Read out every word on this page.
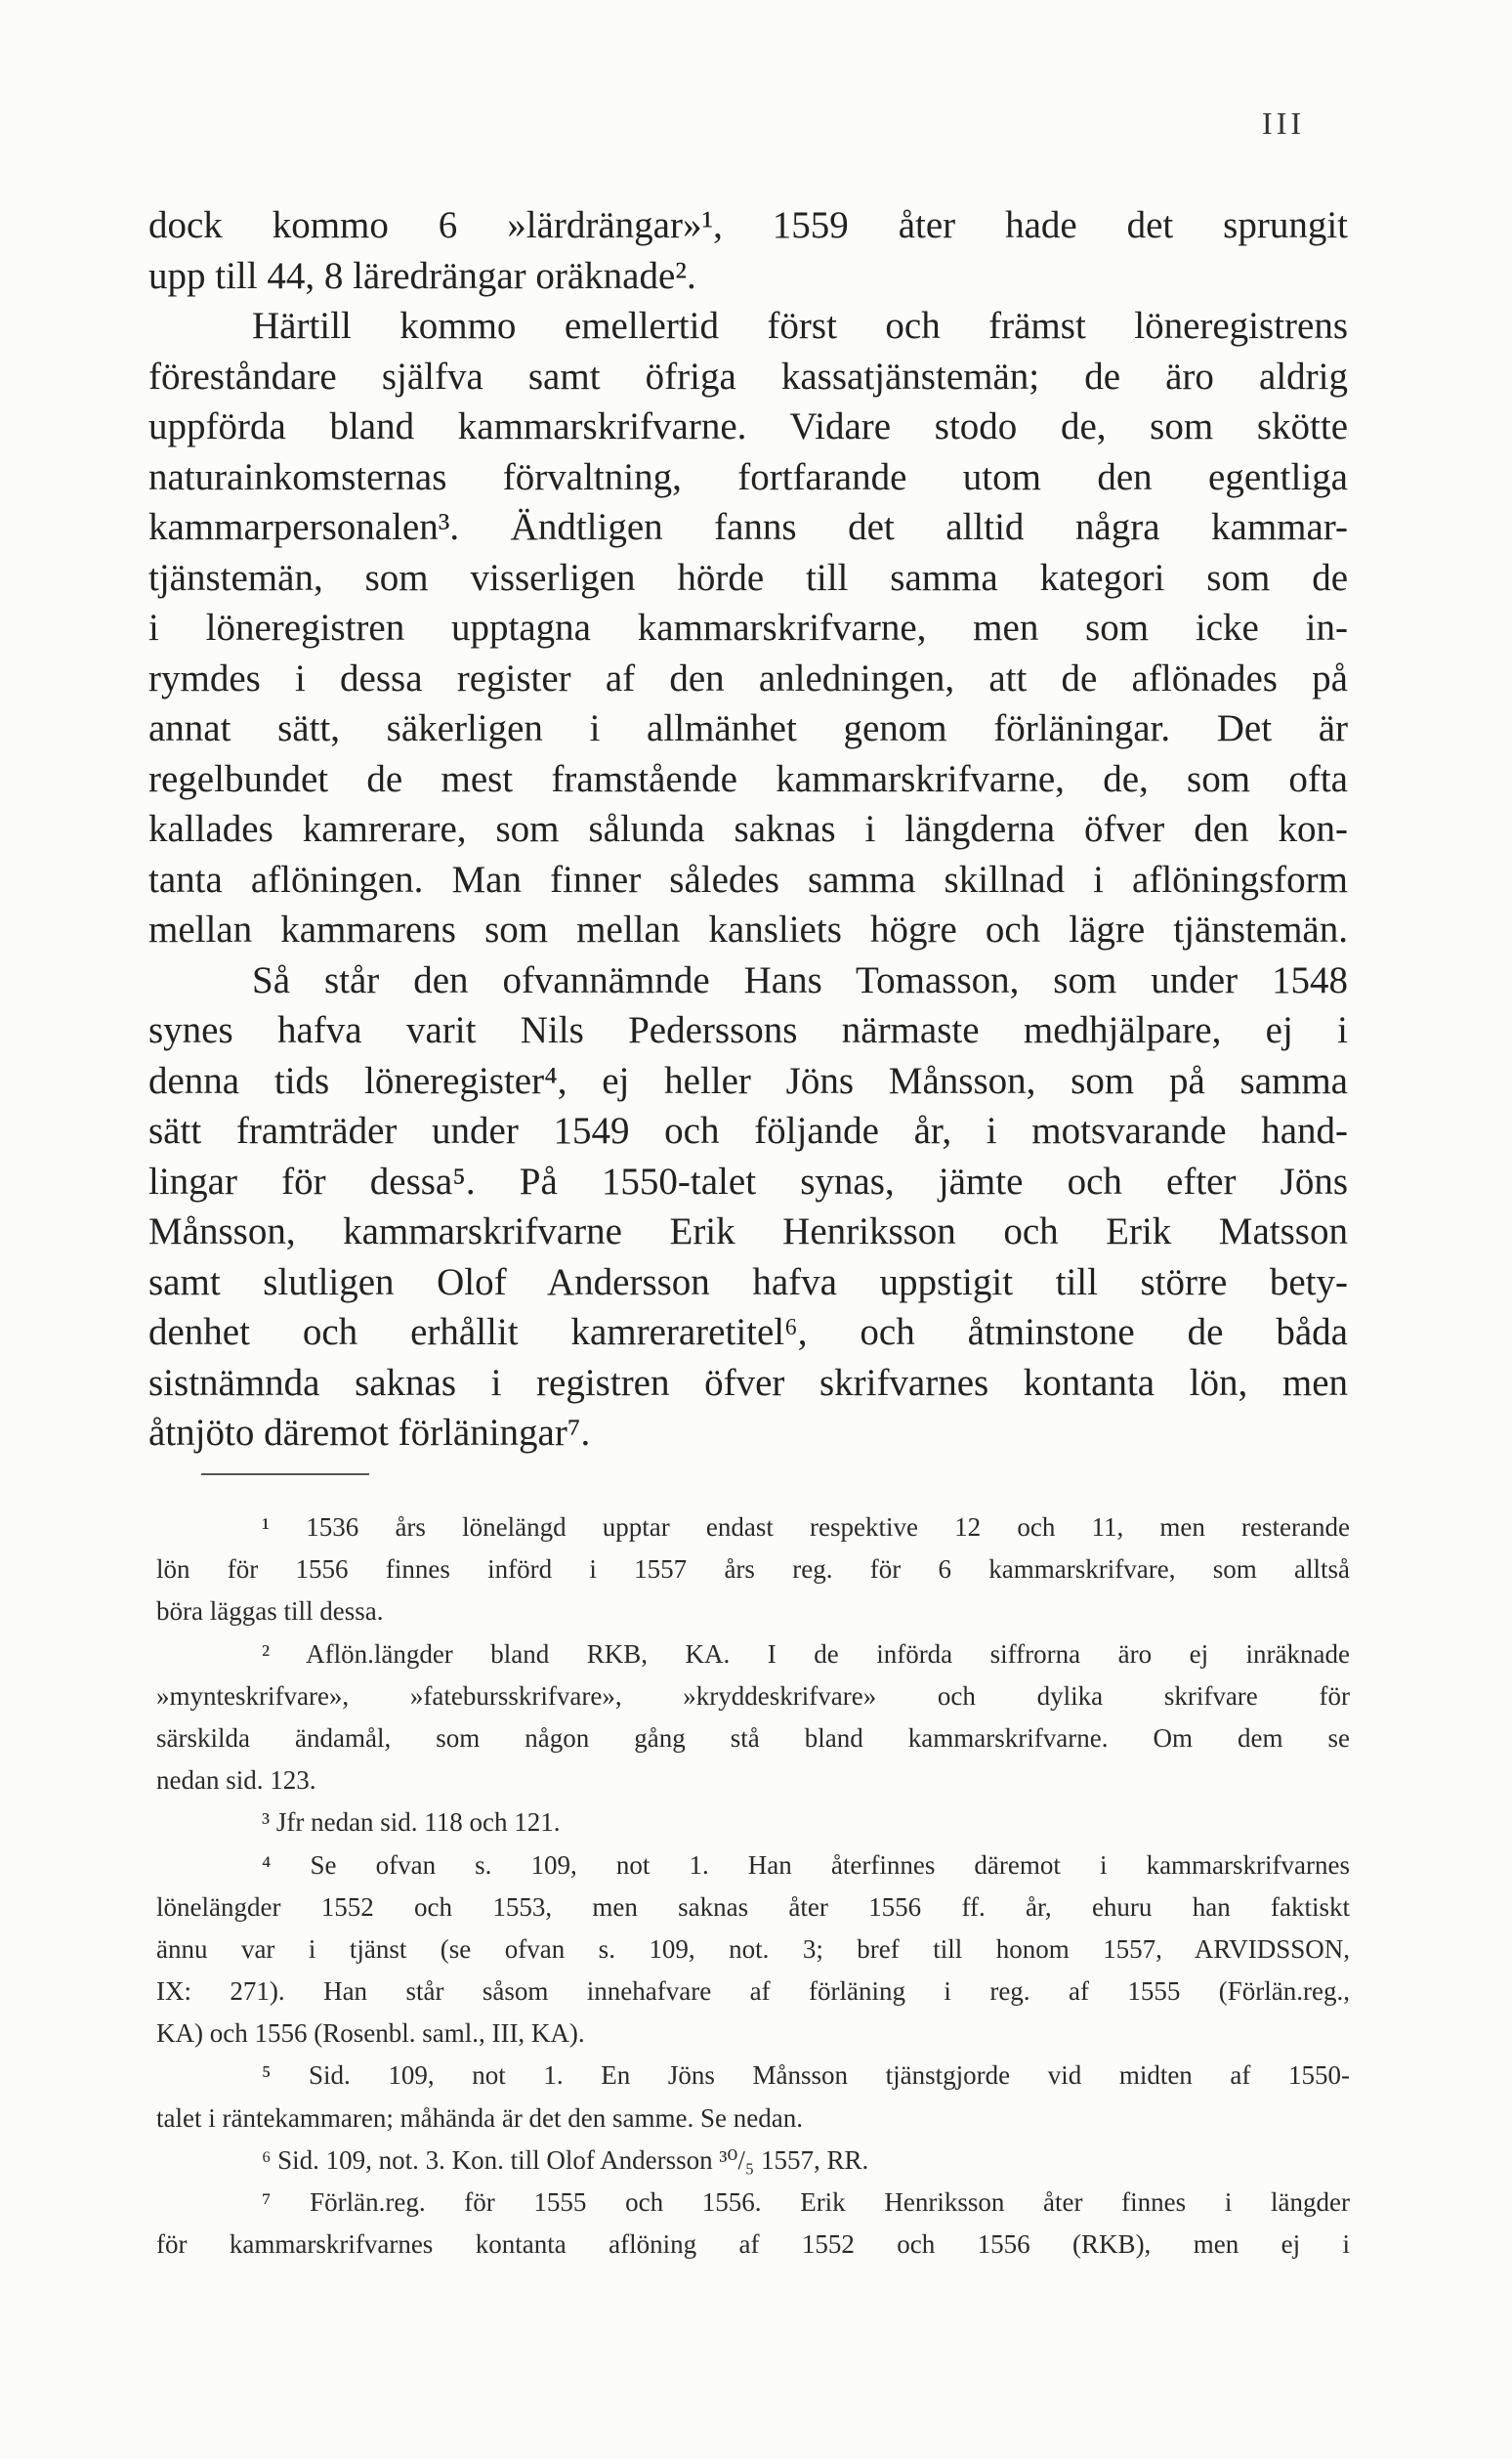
III
dock kommo 6 »lärdrängar»¹, 1559 åter hade det sprungit
upp till 44, 8 läredrängar oräknade².
Härtill kommo emellertid först och främst löneregistrens
föreståndare själfva samt öfriga kassatjänstemän; de äro aldrig
uppförda bland kammarskrifvarne. Vidare stodo de, som skötte
naturainkomsternas förvaltning, fortfarande utom den egentliga
kammarpersonalen³. Ändtligen fanns det alltid några kammar-
tjänstemän, som visserligen hörde till samma kategori som de
i löneregistren upptagna kammarskrifvarne, men som icke in-
rymdes i dessa register af den anledningen, att de aflönades på
annat sätt, säkerligen i allmänhet genom förläningar. Det är
regelbundet de mest framstående kammarskrifvarne, de, som ofta
kallades kamrerare, som sålunda saknas i längderna öfver den kon-
tanta aflöningen. Man finner således samma skillnad i aflöningsform
mellan kammarens som mellan kansliets högre och lägre tjänstemän.
Så står den ofvannämnde Hans Tomasson, som under 1548
synes hafva varit Nils Pederssons närmaste medhjälpare, ej i
denna tids löneregister⁴, ej heller Jöns Månsson, som på samma
sätt framträder under 1549 och följande år, i motsvarande hand-
lingar för dessa⁵. På 1550-talet synas, jämte och efter Jöns
Månsson, kammarskrifvarne Erik Henriksson och Erik Matsson
samt slutligen Olof Andersson hafva uppstigit till större bety-
denhet och erhållit kamreraretitel⁶, och åtminstone de båda
sistnämnda saknas i registren öfver skrifvarnes kontanta lön, men
åtnjöto däremot förläningar⁷.
¹ 1536 års lönelängd upptar endast respektive 12 och 11, men resterande
lön för 1556 finnes införd i 1557 års reg. för 6 kammarskrifvare, som alltså
böra läggas till dessa.
² Aflön.längder bland RKB, KA. I de införda siffrorna äro ej inräknade
»mynteskrifvare», »fatebursskrifvare», »kryddeskrifvare» och dylika skrifvare för
särskilda ändamål, som någon gång stå bland kammarskrifvarne. Om dem se
nedan sid. 123.
³ Jfr nedan sid. 118 och 121.
⁴ Se ofvan s. 109, not 1. Han återfinnes däremot i kammarskrifvarnes
lönelängder 1552 och 1553, men saknas åter 1556 ff. år, ehuru han faktiskt
ännu var i tjänst (se ofvan s. 109, not. 3; bref till honom 1557, ARVIDSSON,
IX: 271). Han står såsom innehafvare af förläning i reg. af 1555 (Förlän.reg.,
KA) och 1556 (Rosenbl. saml., III, KA).
⁵ Sid. 109, not 1. En Jöns Månsson tjänstgjorde vid midten af 1550-
talet i räntekammaren; måhända är det den samme. Se nedan.
⁶ Sid. 109, not. 3. Kon. till Olof Andersson ³⁰/₅ 1557, RR.
⁷ Förlän.reg. för 1555 och 1556. Erik Henriksson åter finnes i längder
för kammarskrifvarnes kontanta aflöning af 1552 och 1556 (RKB), men ej i
